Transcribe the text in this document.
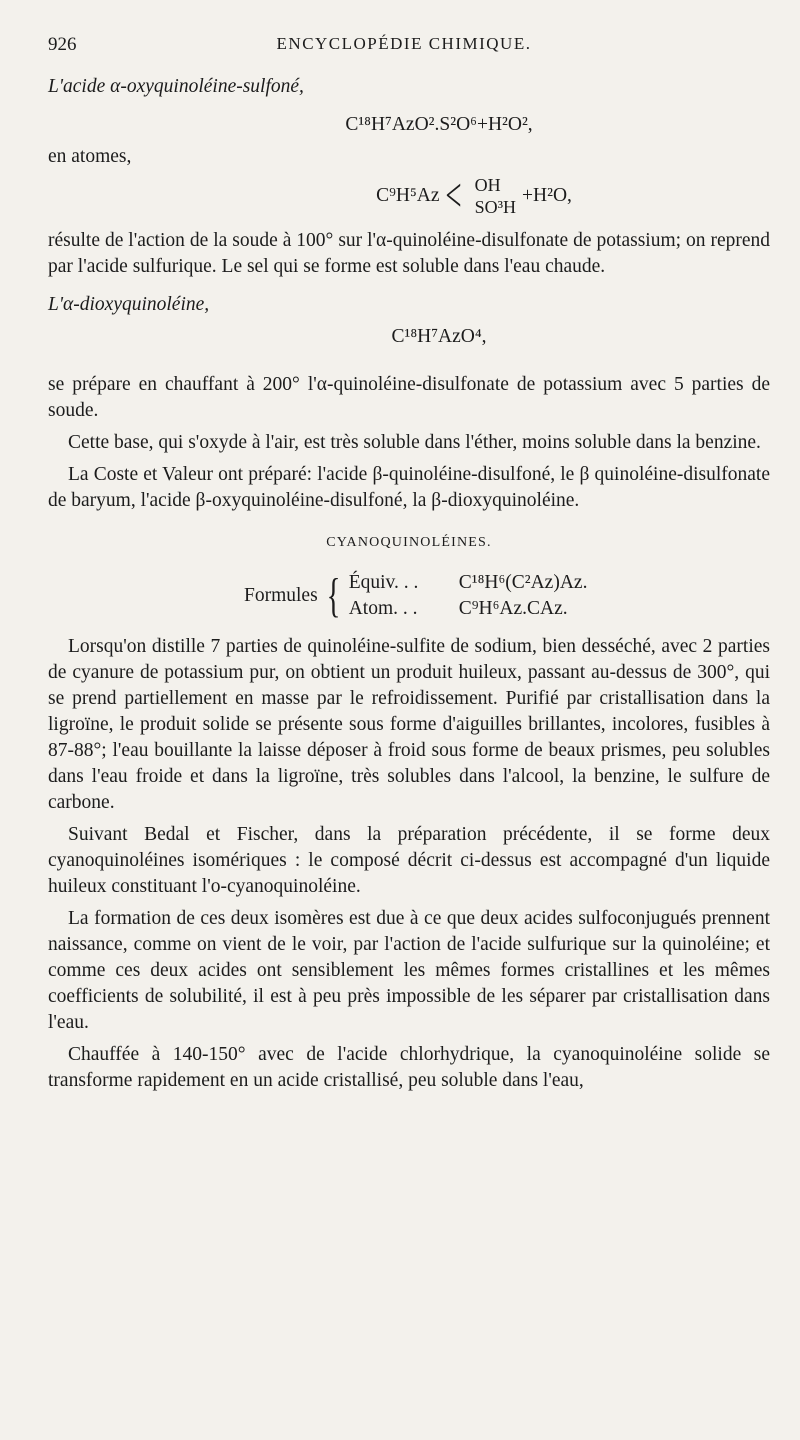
926	ENCYCLOPÉDIE CHIMIQUE.

L'acide α-oxyquinoléine-sulfoné,

C¹⁸H⁷AzO².S²O⁶+H²O²,

en atomes,

C⁹H⁵Az < OH
SO³H
+H²O,

résulte de l'action de la soude à 100° sur l'α-quinoléine-disulfonate de potassium; on reprend par l'acide sulfurique. Le sel qui se forme est soluble dans l'eau chaude.

L'α-dioxyquinoléine,

C¹⁸H⁷AzO⁴,

se prépare en chauffant à 200° l'α-quinoléine-disulfonate de potassium avec 5 parties de soude.

Cette base, qui s'oxyde à l'air, est très soluble dans l'éther, moins soluble dans la benzine.

La Coste et Valeur ont préparé: l'acide β-quinoléine-disulfoné, le β quinoléine-disulfonate de baryum, l'acide β-oxyquinoléine-disulfoné, la β-dioxyquinoléine.

CYANOQUINOLÉINES.
Formules { Équiv. . .	C¹⁸H⁶(C²Az)Az.
Atom. . .	C⁹H⁶Az.CAz.

Lorsqu'on distille 7 parties de quinoléine-sulfite de sodium, bien desséché, avec 2 parties de cyanure de potassium pur, on obtient un produit huileux, passant au-dessus de 300°, qui se prend partiellement en masse par le refroidissement. Purifié par cristallisation dans la ligroïne, le produit solide se présente sous forme d'aiguilles brillantes, incolores, fusibles à 87-88°; l'eau bouillante la laisse déposer à froid sous forme de beaux prismes, peu solubles dans l'eau froide et dans la ligroïne, très solubles dans l'alcool, la benzine, le sulfure de carbone.

Suivant Bedal et Fischer, dans la préparation précédente, il se forme deux cyanoquinoléines isomériques : le composé décrit ci-dessus est accompagné d'un liquide huileux constituant l'o-cyanoquinoléine.

La formation de ces deux isomères est due à ce que deux acides sulfoconjugués prennent naissance, comme on vient de le voir, par l'action de l'acide sulfurique sur la quinoléine; et comme ces deux acides ont sensiblement les mêmes formes cristallines et les mêmes coefficients de solubilité, il est à peu près impossible de les séparer par cristallisation dans l'eau.

Chauffée à 140-150° avec de l'acide chlorhydrique, la cyanoquinoléine solide se transforme rapidement en un acide cristallisé, peu soluble dans l'eau,
